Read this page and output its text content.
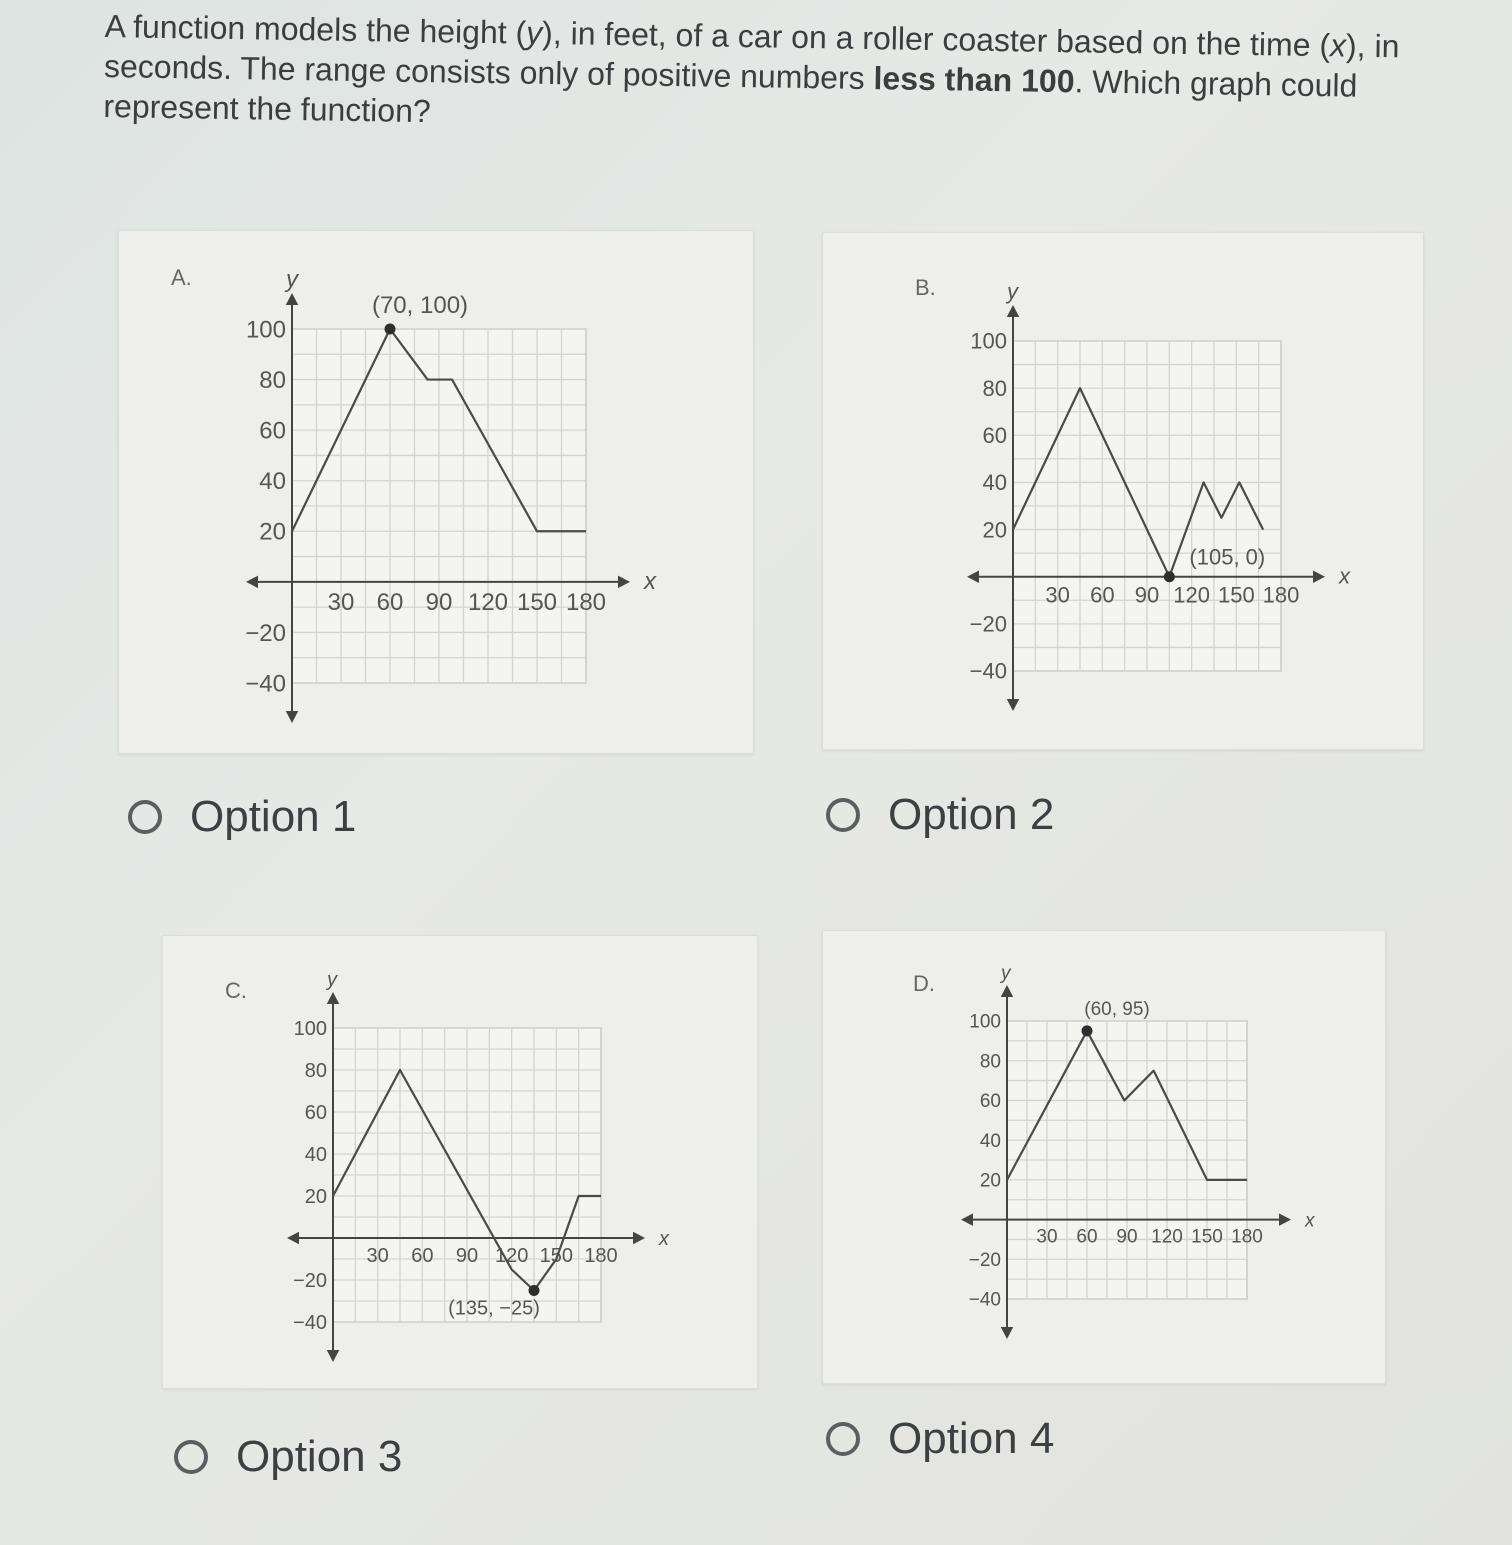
A function models the height (y), in feet, of a car on a roller coaster based on the time (x), in seconds. The range consists only of positive numbers less than 100. Which graph could represent the function?
A.
x
y
30 60 90 120 150 180
100
80
60
40
20
−20
−40
(70, 100)
Option 1
B.
x
y
30 60 90 120 150 180
100
80
60
40
20
−20
−40
(105, 0)
Option 2
C.
x
y
30 60 90 120 150 180
100
80
60
40
20
−20
−40
(135, −25)
Option 3
D.
x
y
30 60 90 120 150 180
100
80
60
40
20
−20
−40
(60, 95)
Option 4
